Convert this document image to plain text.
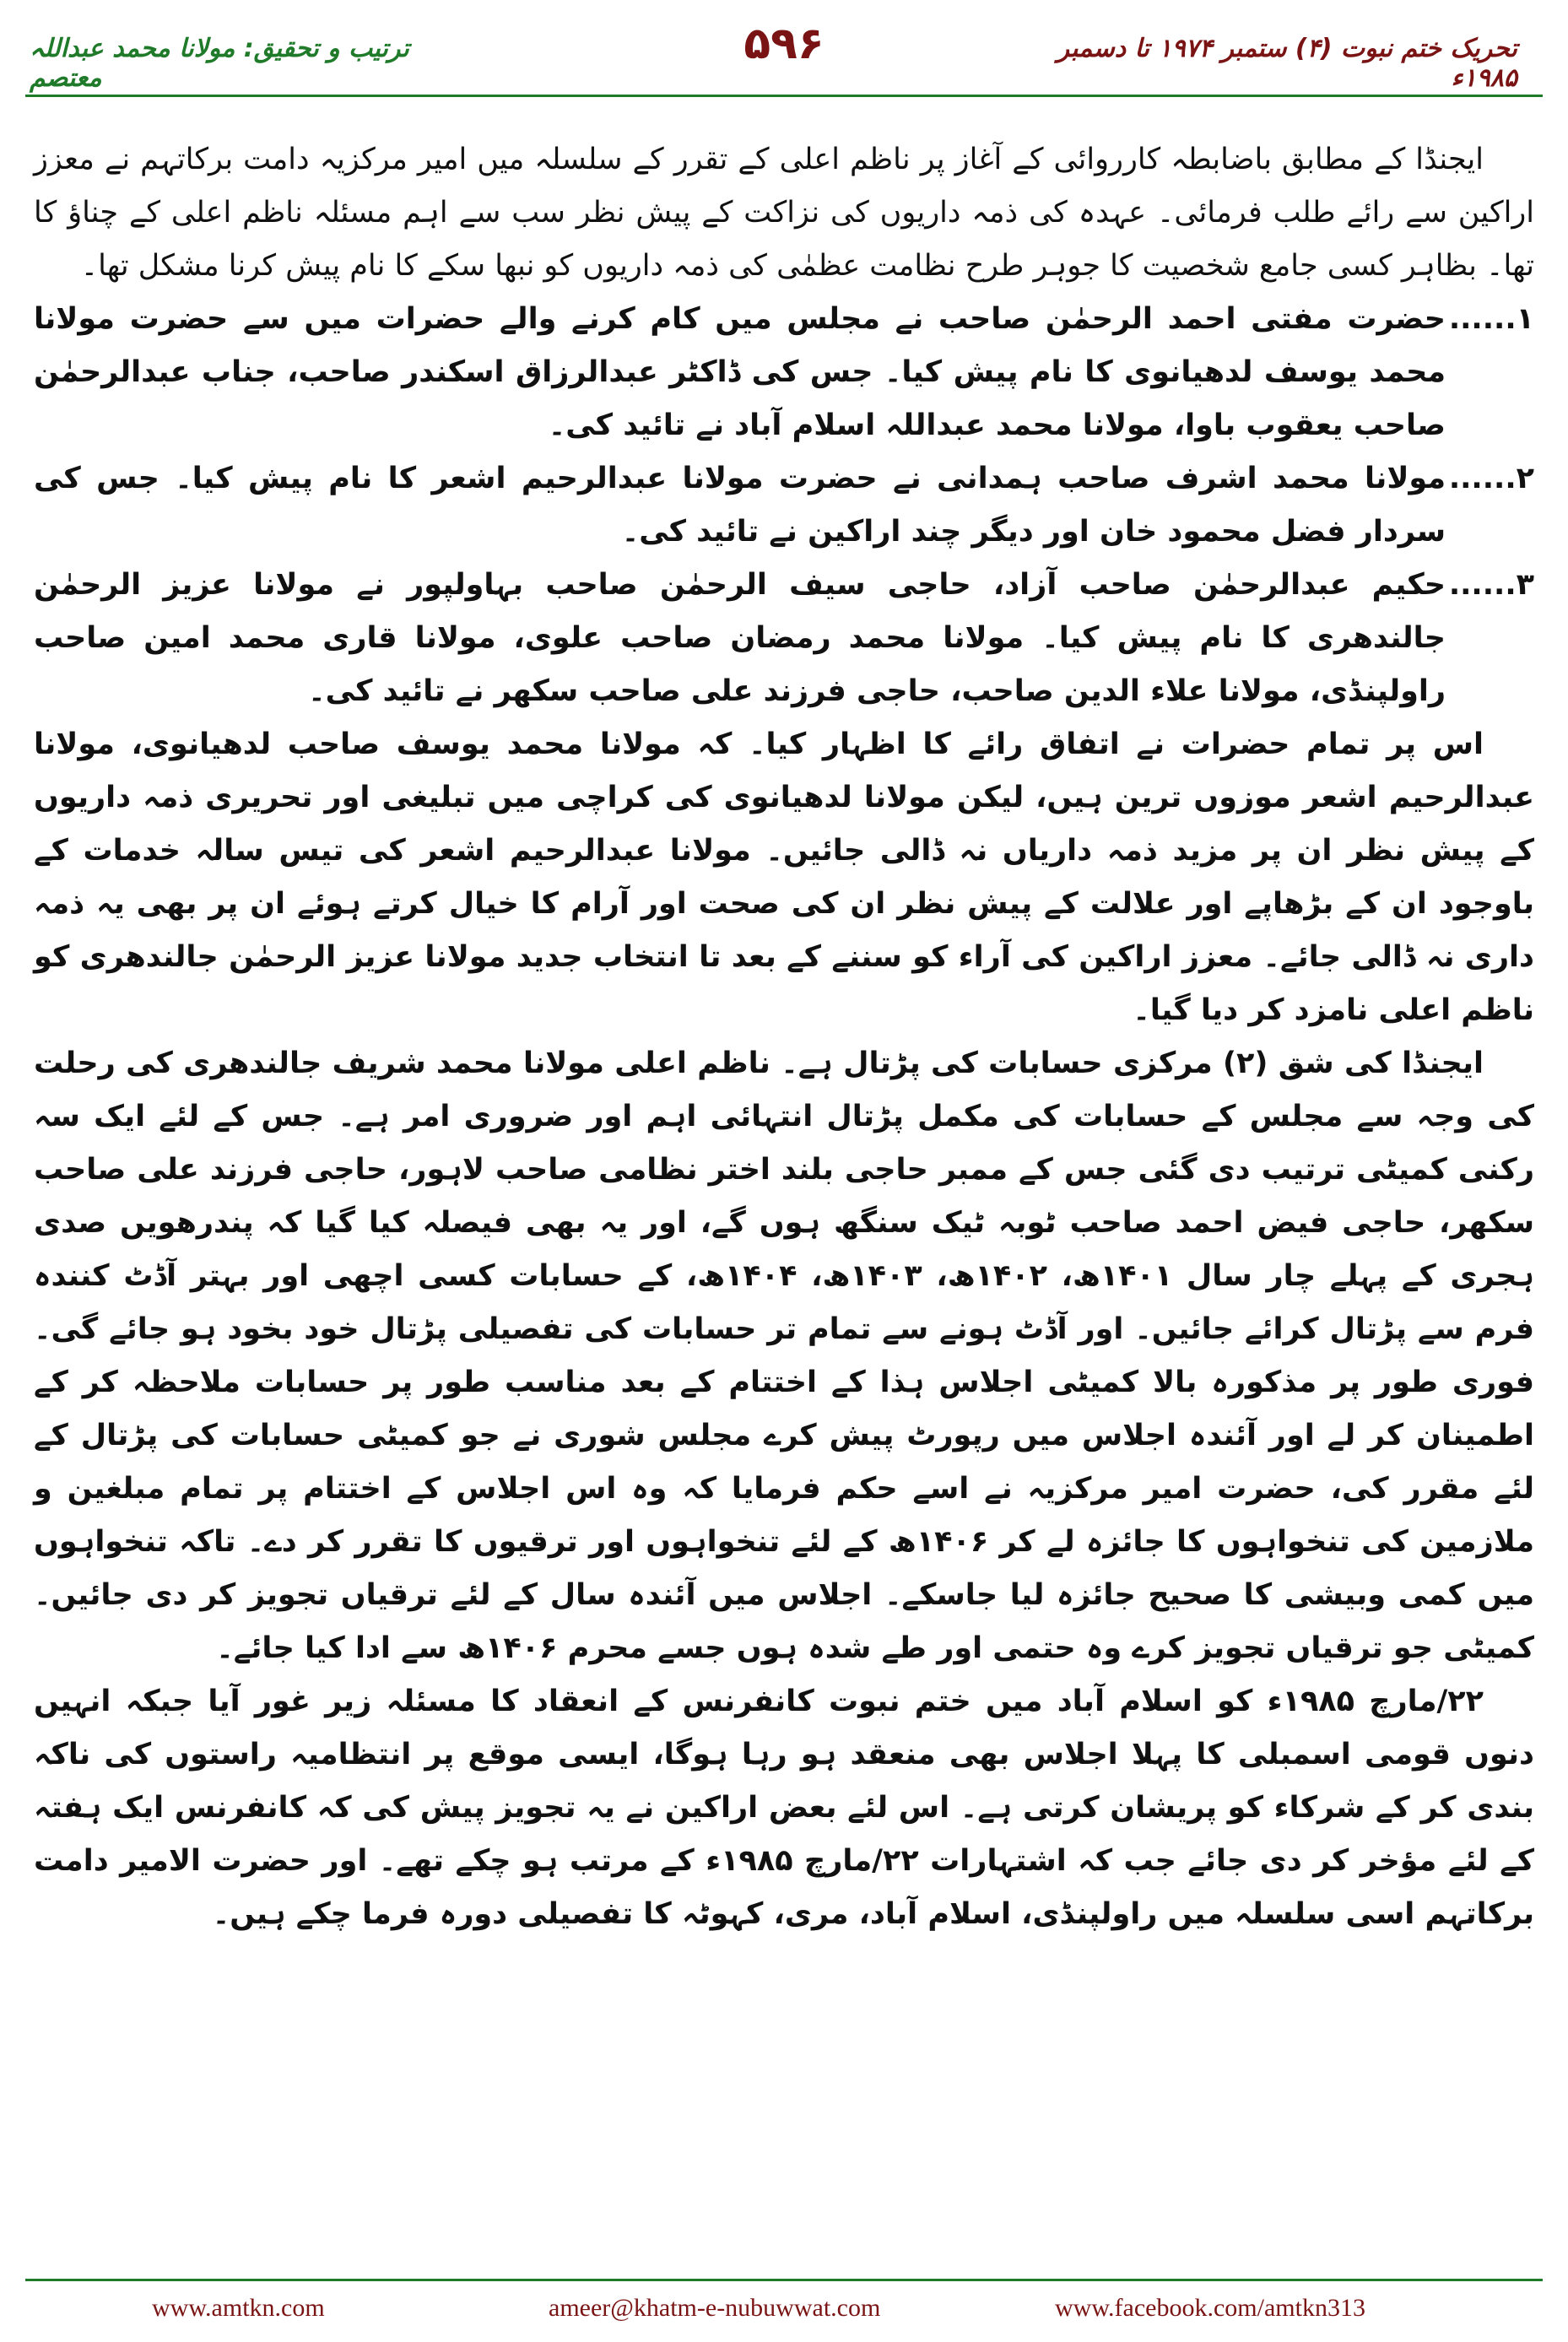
تحریک ختم نبوت (۴) ستمبر ۱۹۷۴ تا دسمبر ۱۹۸۵ء
۵۹۶
ترتیب و تحقیق: مولانا محمد عبداللہ معتصم

ایجنڈا کے مطابق باضابطہ کارروائی کے آغاز پر ناظم اعلی کے تقرر کے سلسلہ میں امیر مرکزیہ دامت برکاتہم نے معزز اراکین سے رائے طلب فرمائی۔ عہدہ کی ذمہ داریوں کی نزاکت کے پیش نظر سب سے اہم مسئلہ ناظم اعلی کے چناؤ کا تھا۔ بظاہر کسی جامع شخصیت کا جوہر طرح نظامت عظمٰی کی ذمہ داریوں کو نبھا سکے کا نام پیش کرنا مشکل تھا۔

۱......
حضرت مفتی احمد الرحمٰن صاحب نے مجلس میں کام کرنے والے حضرات میں سے حضرت مولانا محمد یوسف لدھیانوی کا نام پیش کیا۔ جس کی ڈاکٹر عبدالرزاق اسکندر صاحب، جناب عبدالرحمٰن صاحب یعقوب باوا، مولانا محمد عبداللہ اسلام آباد نے تائید کی۔
۲......
مولانا محمد اشرف صاحب ہمدانی نے حضرت مولانا عبدالرحیم اشعر کا نام پیش کیا۔ جس کی سردار فضل محمود خان اور دیگر چند اراکین نے تائید کی۔
۳......
حکیم عبدالرحمٰن صاحب آزاد، حاجی سیف الرحمٰن صاحب بہاولپور نے مولانا عزیز الرحمٰن جالندھری کا نام پیش کیا۔ مولانا محمد رمضان صاحب علوی، مولانا قاری محمد امین صاحب راولپنڈی، مولانا علاء الدین صاحب، حاجی فرزند علی صاحب سکھر نے تائید کی۔

اس پر تمام حضرات نے اتفاق رائے کا اظہار کیا۔ کہ مولانا محمد یوسف صاحب لدھیانوی، مولانا عبدالرحیم اشعر موزوں ترین ہیں، لیکن مولانا لدھیانوی کی کراچی میں تبلیغی اور تحریری ذمہ داریوں کے پیش نظر ان پر مزید ذمہ داریاں نہ ڈالی جائیں۔ مولانا عبدالرحیم اشعر کی تیس سالہ خدمات کے باوجود ان کے بڑھاپے اور علالت کے پیش نظر ان کی صحت اور آرام کا خیال کرتے ہوئے ان پر بھی یہ ذمہ داری نہ ڈالی جائے۔ معزز اراکین کی آراء کو سننے کے بعد تا انتخاب جدید مولانا عزیز الرحمٰن جالندھری کو ناظم اعلی نامزد کر دیا گیا۔

ایجنڈا کی شق (۲) مرکزی حسابات کی پڑتال ہے۔ ناظم اعلی مولانا محمد شریف جالندھری کی رحلت کی وجہ سے مجلس کے حسابات کی مکمل پڑتال انتہائی اہم اور ضروری امر ہے۔ جس کے لئے ایک سہ رکنی کمیٹی ترتیب دی گئی جس کے ممبر حاجی بلند اختر نظامی صاحب لاہور، حاجی فرزند علی صاحب سکھر، حاجی فیض احمد صاحب ٹوبہ ٹیک سنگھ ہوں گے، اور یہ بھی فیصلہ کیا گیا کہ پندرھویں صدی ہجری کے پہلے چار سال ۱۴۰۱ھ، ۱۴۰۲ھ، ۱۴۰۳ھ، ۱۴۰۴ھ، کے حسابات کسی اچھی اور بہتر آڈٹ کنندہ فرم سے پڑتال کرائے جائیں۔ اور آڈٹ ہونے سے تمام تر حسابات کی تفصیلی پڑتال خود بخود ہو جائے گی۔ فوری طور پر مذکورہ بالا کمیٹی اجلاس ہذا کے اختتام کے بعد مناسب طور پر حسابات ملاحظہ کر کے اطمینان کر لے اور آئندہ اجلاس میں رپورٹ پیش کرے مجلس شوری نے جو کمیٹی حسابات کی پڑتال کے لئے مقرر کی، حضرت امیر مرکزیہ نے اسے حکم فرمایا کہ وہ اس اجلاس کے اختتام پر تمام مبلغین و ملازمین کی تنخواہوں کا جائزہ لے کر ۱۴۰۶ھ کے لئے تنخواہوں اور ترقیوں کا تقرر کر دے۔ تاکہ تنخواہوں میں کمی وبیشی کا صحیح جائزہ لیا جاسکے۔ اجلاس میں آئندہ سال کے لئے ترقیاں تجویز کر دی جائیں۔ کمیٹی جو ترقیاں تجویز کرے وہ حتمی اور طے شدہ ہوں جسے محرم ۱۴۰۶ھ سے ادا کیا جائے۔

۲۲/مارچ ۱۹۸۵ء کو اسلام آباد میں ختم نبوت کانفرنس کے انعقاد کا مسئلہ زیر غور آیا جبکہ انہیں دنوں قومی اسمبلی کا پہلا اجلاس بھی منعقد ہو رہا ہوگا، ایسی موقع پر انتظامیہ راستوں کی ناکہ بندی کر کے شرکاء کو پریشان کرتی ہے۔ اس لئے بعض اراکین نے یہ تجویز پیش کی کہ کانفرنس ایک ہفتہ کے لئے مؤخر کر دی جائے جب کہ اشتہارات ۲۲/مارچ ۱۹۸۵ء کے مرتب ہو چکے تھے۔ اور حضرت الامیر دامت برکاتہم اسی سلسلہ میں راولپنڈی، اسلام آباد، مری، کہوٹہ کا تفصیلی دورہ فرما چکے ہیں۔

www.amtkn.com	ameer@khatm-e-nubuwwat.com	www.facebook.com/amtkn313
